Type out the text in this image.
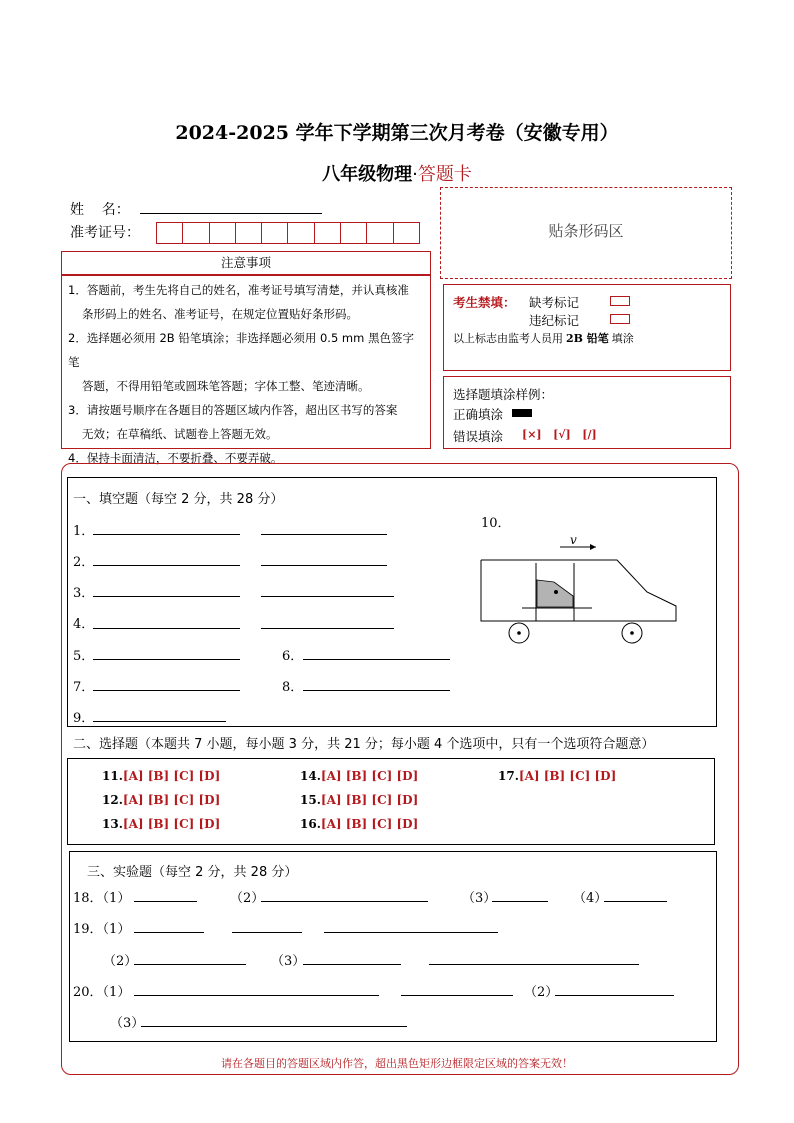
2024-2025 学年下学期第三次月考卷（安徽专用）
八年级物理·答题卡
姓    名：
准考证号：	贴条形码区
注意事项

1．答题前，考生先将自己的姓名，准考证号填写清楚，并认真核准

条形码上的姓名、准考证号，在规定位置贴好条形码。

2．选择题必须用 2B 铅笔填涂；非选择题必须用 0.5 mm 黑色签字笔

答题，不得用铅笔或圆珠笔答题；字体工整、笔迹清晰。

3．请按题号顺序在各题目的答题区域内作答，超出区书写的答案

无效；在草稿纸、试题卷上答题无效。

4．保持卡面清洁，不要折叠、不要弄破。

考生禁填： 缺考标记
违纪标记
以上标志由监考人员用 2B 铅笔 填涂
选择题填涂样例：
正确填涂
错误填涂 [×]   [√]   [/]
一、填空题（每空 2 分，共 28 分）
1．
2．
3．
4．
5．	6．
7．	8．
9．
10．
v
二、选择题（本题共 7 小题，每小题 3 分，共 21 分；每小题 4 个选项中，只有一个选项符合题意）
11.[A] [B] [C] [D]
12.[A] [B] [C] [D]
13.[A] [B] [C] [D]
14.[A] [B] [C] [D]
15.[A] [B] [C] [D]
16.[A] [B] [C] [D]
17.[A] [B] [C] [D]
三、实验题（每空 2 分，共 28 分）
18．（1）	（2）	（3）	（4）
19．（1）
（2）	（3）
20．（1）	（2）
（3）
请在各题目的答题区域内作答，超出黑色矩形边框限定区域的答案无效！
